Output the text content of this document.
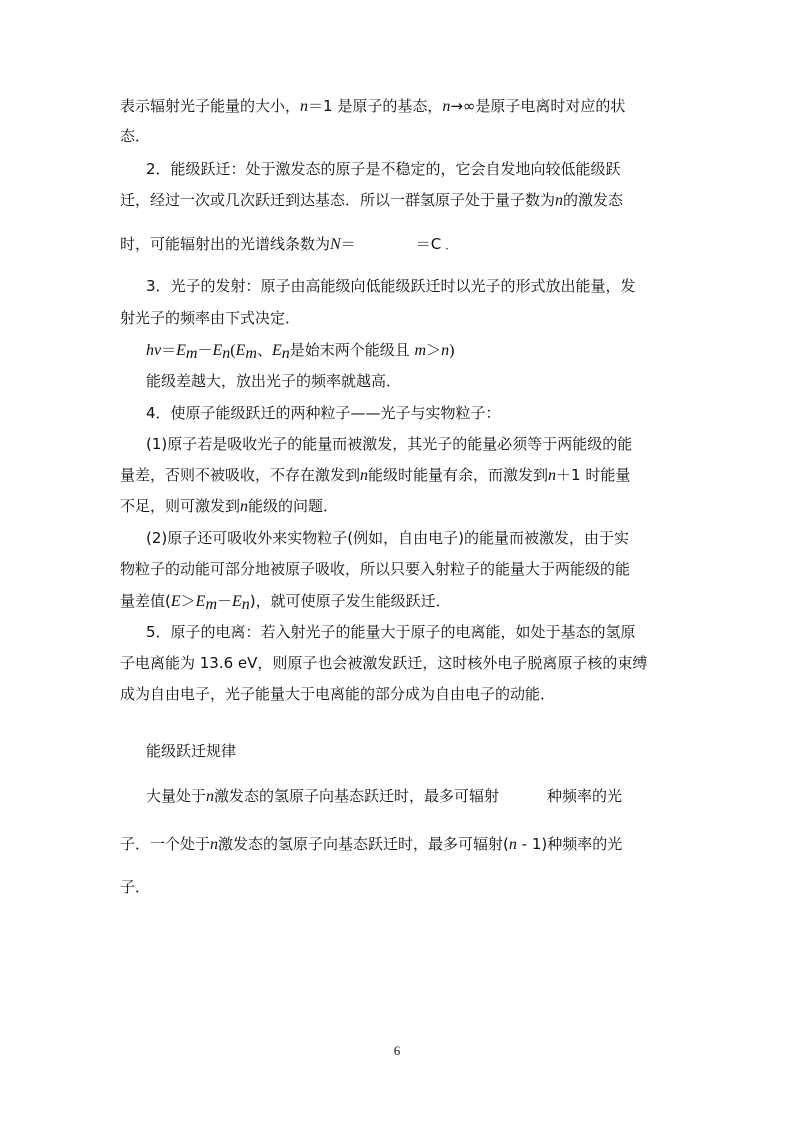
表示辐射光子能量的大小，n＝1 是原子的基态，n→∞是原子电离时对应的状
态．
2．能级跃迁：处于激发态的原子是不稳定的，它会自发地向较低能级跃
迁，经过一次或几次跃迁到达基态．所以一群氢原子处于量子数为n的激发态
时，可能辐射出的光谱线条数为N＝	＝C ．
3．光子的发射：原子由高能级向低能级跃迁时以光子的形式放出能量，发
射光子的频率由下式决定．
$h\nu=E_m-E_n(E_m$、$E_n$是始末两个能级且 m＞n)
能级差越大，放出光子的频率就越高．
4．使原子能级跃迁的两种粒子——光子与实物粒子：
(1)原子若是吸收光子的能量而被激发，其光子的能量必须等于两能级的能
量差，否则不被吸收，不存在激发到n能级时能量有余，而激发到n＋1 时能量
不足，则可激发到n能级的问题．
(2)原子还可吸收外来实物粒子(例如，自由电子)的能量而被激发，由于实
物粒子的动能可部分地被原子吸收，所以只要入射粒子的能量大于两能级的能
量差值$(E>E_m-E_n)$，就可使原子发生能级跃迁．
5．原子的电离：若入射光子的能量大于原子的电离能，如处于基态的氢原
子电离能为 13.6 eV，则原子也会被激发跃迁，这时核外电子脱离原子核的束缚
成为自由电子，光子能量大于电离能的部分成为自由电子的动能．
能级跃迁规律
大量处于n激发态的氢原子向基态跃迁时，最多可辐射	种频率的光
子．一个处于n激发态的氢原子向基态跃迁时，最多可辐射(n - 1)种频率的光
子．
6
